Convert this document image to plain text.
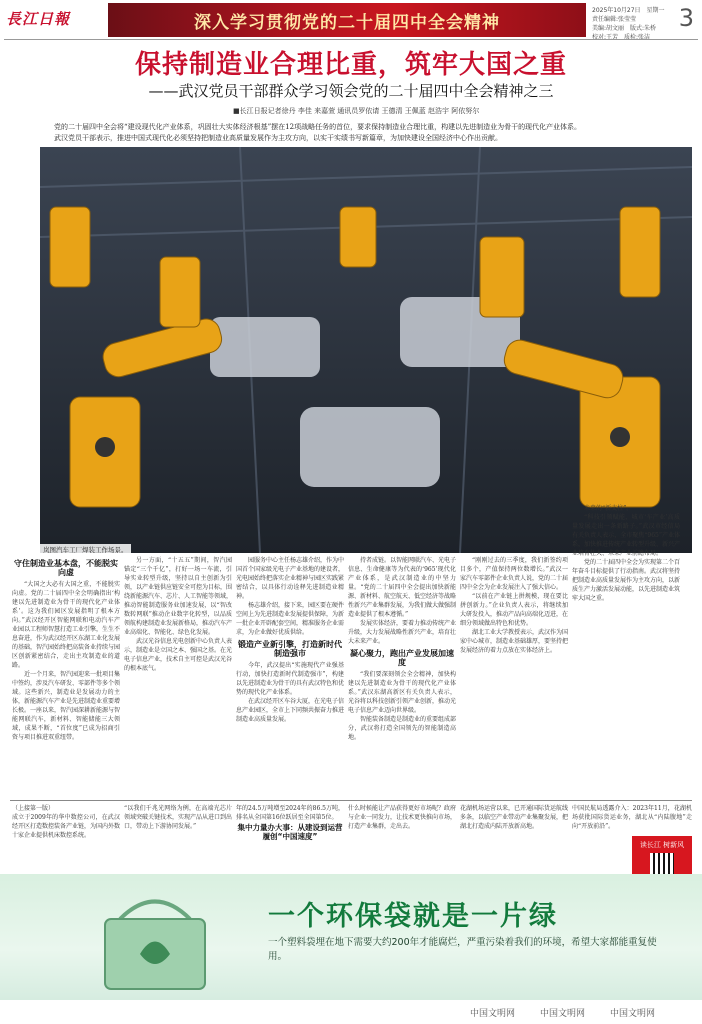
長江日報	深入学习贯彻党的二十届四中全会精神
2025年10月27日　星期一
责任编辑:张莹莹
美编:胡文丽　版式:朱桥
校对:王芳　质检:张洁
3
保持制造业合理比重，筑牢大国之重
——武汉党员干部群众学习领会党的二十届四中全会精神之三
■长江日报记者徐丹 李佳 来嘉萱 通讯员罗依请 王德清 王佩蓝 赵浩宇 阿依努尔

党的二十届四中全会将“建设现代化产业体系，巩固壮大实体经济根基”摆在12项战略任务的首位，要求保持制造业合理比重，构建以先进制造业为骨干的现代化产业体系。

武汉党员干部表示，推进中国式现代化必须坚持把制造业高质量发展作为主攻方向，以实干实绩书写新篇章，为加快建设全国经济中心作出贡献。

岚图汽车工厂焊装工作场景。
守住制造业基本盘，不能脱实向虚

“大国之大必有大国之重，不能脱实向虚。党的二十届四中全会明确指出‘构建以先进制造业为骨干的现代化产业体系’。这为我们园区发展指明了根本方向。”武汉经开区智能网联和电动汽车产业园以工程师智慧打造工业引擎，生生不息奋进，作为武汉经开区东湖工业化发展的基础，智汽园始终把高装备业持续与园区创新紧密结合，走出主攻制造业的道路。

近一个月来，智汽园迎来一批项目集中签约，涉及汽车研发、零部件等多个领域。这些新兴，制造业是发展动力的主体，新能源汽车产业是先进制造业重要增长极。一座以来，智汽园深耕新能源与智能网联汽车，新材料、智能储能三大领域，成果不断，“首位度”已成为招商引资与项目推进双重纽带。

另一方面，“十五五”期间，智汽园锚定“三个千亿”，打好一场一车流，引导实业转型升级，坚持以自主创新为引领，以产业链供应链安全可控为目标，围绕新能源汽车、芯片、人工智能等领域，推动智能制造服务业加速发展，以“智改数转网联”推动企业数字化转型，以品质领航构建制造业发展新格局，推动汽车产业高端化、智能化、绿色化发展。

武汉光谷信息光电创新中心负责人表示，制造业是立国之本、强国之基。在光电子信息产业，技术自主可控是武汉光谷的根本底气。

园服务中心主任杨志雄介绍，作为中国首个国家级光电子产业基地的建设者，光电园始终把落实企业精神与园区实践紧密结合，以具体行动诠释先进制造业精神。

杨志雄介绍，接下来，园区要在硬件空间上为先进制造业发展提供保障，为新一批企业开辟配套空间，精准服务企业需求，为企业做好优质供给。

锻造产业新引擎，打造新时代制造强市

今年，武汉提出“实施现代产业强基行动，加快打造新时代制造强市”，构建以先进制造业为骨干的具有武汉特色和优势的现代化产业体系。

在武汉经开区车谷大厦，在光电子信息产业园区，全市上下同频共振奋力推进制造业高质量发展。

持者成链。以智能网联汽车、光电子信息、生命健康等为代表的‘965’现代化产业体系，是武汉制造业的中坚力量。“党的二十届四中全会提出加快新能源、新材料、航空航天、低空经济等战略性新兴产业集群发展，为我们做大做强制造业提供了根本遵循。”

发展实体经济，要着力推动传统产业升级，大力发展战略性新兴产业，培育壮大未来产业。

凝心聚力，跑出产业发展加速度

“我们要深刻领会全会精神，加快构建以先进制造业为骨干的现代化产业体系。”武汉东湖高新区有关负责人表示，光谷将以科技创新引领产业创新，推动光电子信息产业迈向世界级。

智能装备制造是制造业的重要组成部分，武汉将打造全国领先的智能制造高地。

“刚刚过去的三季度，我们新签约项目多个，产值保持两位数增长。”武汉一家汽车零部件企业负责人说，党的二十届四中全会为企业发展注入了强大信心。

“以前在产业链上拼规模，现在要比拼创新力。”企业负责人表示，将继续加大研发投入，推动产品向高端化迈进，在细分领域做出特色和优势。

湖北工业大学教授表示，武汉作为国家中心城市，制造业基础雄厚，要坚持把发展经济的着力点放在实体经济上。

未来的“新支柱”。

“科技引领赋能，城市‘车产业’高质量发展走出一条新路子。”武汉市经信局有关负责人表示，全市聚焦“965”产业体系，加快推进传统产业转型升级、新兴产业培育壮大、未来产业前瞻布局。

党的二十届四中全会为实现第二个百年奋斗目标提供了行动指南。武汉将坚持把制造业高质量发展作为主攻方向，以新质生产力激活发展动能，以先进制造业筑牢大国之重。

（上接第一版）
成立于2009年的华中数控公司，在武汉经开区打造数控装备产业链，为国内外数十家企业提供机床数控系统。
“以我们千兆光网络为例，在高端光芯片领域突破关键技术，实现产品从进口到出口，带动上下游协同发展。”
年的24.5万吨增至2024年的86.5万吨，排名从全国第16位跃居至全国第5位。
集中力量办大事：从建设到运营履创“中国速度”
什么时候能让产品获得更好市场呢？政府与企业一同发力，让技术更快推向市场，打造产业集群，走出去。
花湖机场运营以来，已开通国际货运航线多条，以临空产业带动产业集聚发展，把湖北打造成内陆开放新高地。
中国民航局透露介入：2023年11月，花湖机场获批国际货运业务，湖北从“内陆腹地”走向“开放前沿”。
读长江 树新风
一个环保袋就是一片绿
一个塑料袋埋在地下需要大约200年才能腐烂，严重污染着我们的环境，希望大家都能重复使用。
中国文明网	中国文明网	中国文明网
